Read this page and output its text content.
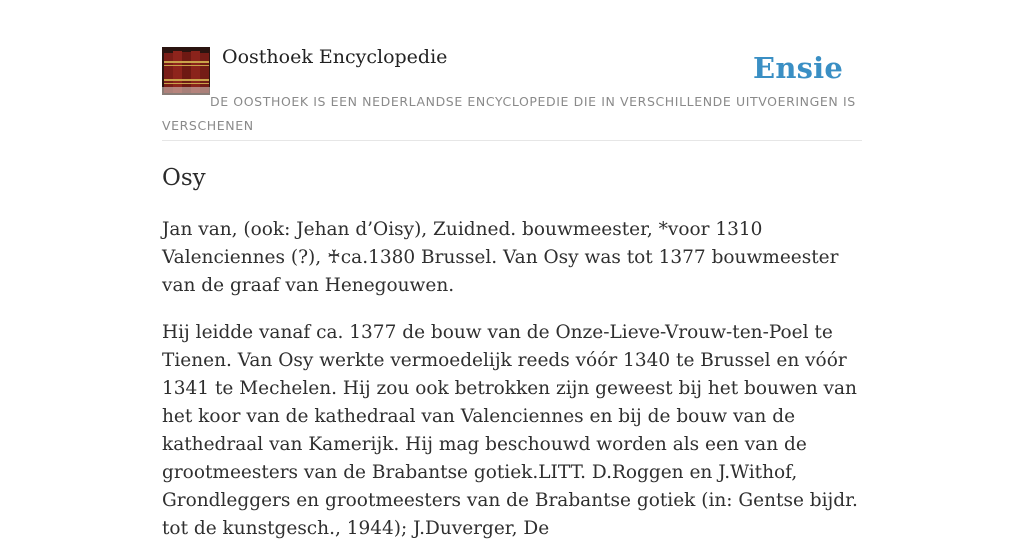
Oosthoek Encyclopedie	Ensie
DE OOSTHOEK IS EEN NEDERLANDSE ENCYCLOPEDIE DIE IN VERSCHILLENDE UITVOERINGEN IS VERSCHENEN
Osy

Jan van, (ook: Jehan d’Oisy), Zuidned. bouwmeester, *voor 1310 Valenciennes (?), ♰ca.1380 Brussel. Van Osy was tot 1377 bouwmeester van de graaf van Henegouwen.

Hij leidde vanaf ca. 1377 de bouw van de Onze-Lieve-Vrouw-ten-Poel te Tienen. Van Osy werkte vermoedelijk reeds vóór 1340 te Brussel en vóór 1341 te Mechelen. Hij zou ook betrokken zijn geweest bij het bouwen van het koor van de kathedraal van Valenciennes en bij de bouw van de kathedraal van Kamerijk. Hij mag beschouwd worden als een van de grootmeesters van de Brabantse gotiek.LITT. D.Roggen en J.Withof, Grondleggers en grootmeesters van de Brabantse gotiek (in: Gentse bijdr. tot de kunstgesch., 1944); J.Duverger, De
